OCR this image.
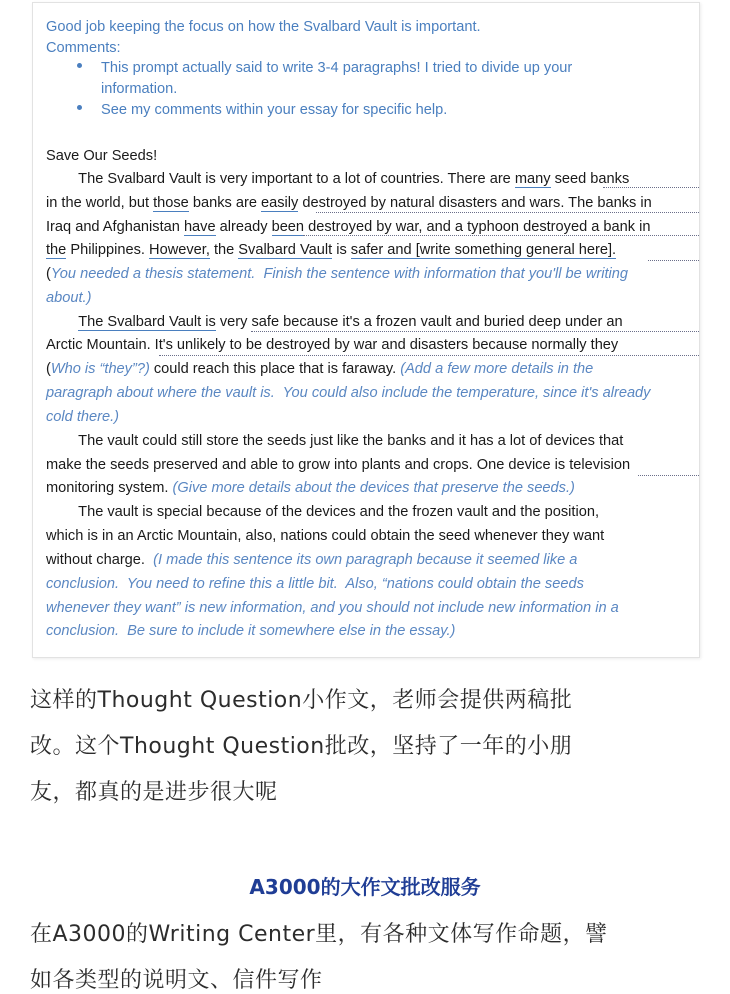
Good job keeping the focus on how the Svalbard Vault is important.
Comments:
This prompt actually said to write 3-4 paragraphs! I tried to divide up your
information.
See my comments within your essay for specific help.
Save Our Seeds!
The Svalbard Vault is very important to a lot of countries. There are many seed banks
in the world, but those banks are easily destroyed by natural disasters and wars. The banks in
Iraq and Afghanistan have already been destroyed by war, and a typhoon destroyed a bank in
the Philippines. However, the Svalbard Vault is safer and [write something general here].
(You needed a thesis statement.  Finish the sentence with information that you'll be writing
about.)
The Svalbard Vault is very safe because it's a frozen vault and buried deep under an
Arctic Mountain. It's unlikely to be destroyed by war and disasters because normally they
(Who is “they”?) could reach this place that is faraway. (Add a few more details in the
paragraph about where the vault is.  You could also include the temperature, since it's already
cold there.)
The vault could still store the seeds just like the banks and it has a lot of devices that
make the seeds preserved and able to grow into plants and crops. One device is television
monitoring system. (Give more details about the devices that preserve the seeds.)
The vault is special because of the devices and the frozen vault and the position,
which is in an Arctic Mountain, also, nations could obtain the seed whenever they want
without charge.  (I made this sentence its own paragraph because it seemed like a
conclusion.  You need to refine this a little bit.  Also, “nations could obtain the seeds
whenever they want” is new information, and you should not include new information in a
conclusion.  Be sure to include it somewhere else in the essay.)
这样的Thought Question小作文，老师会提供两稿批
改。这个Thought Question批改，坚持了一年的小朋
友，都真的是进步很大呢
A3000的大作文批改服务
在A3000的Writing Center里，有各种文体写作命题，譬
如各类型的说明文、信件写作
